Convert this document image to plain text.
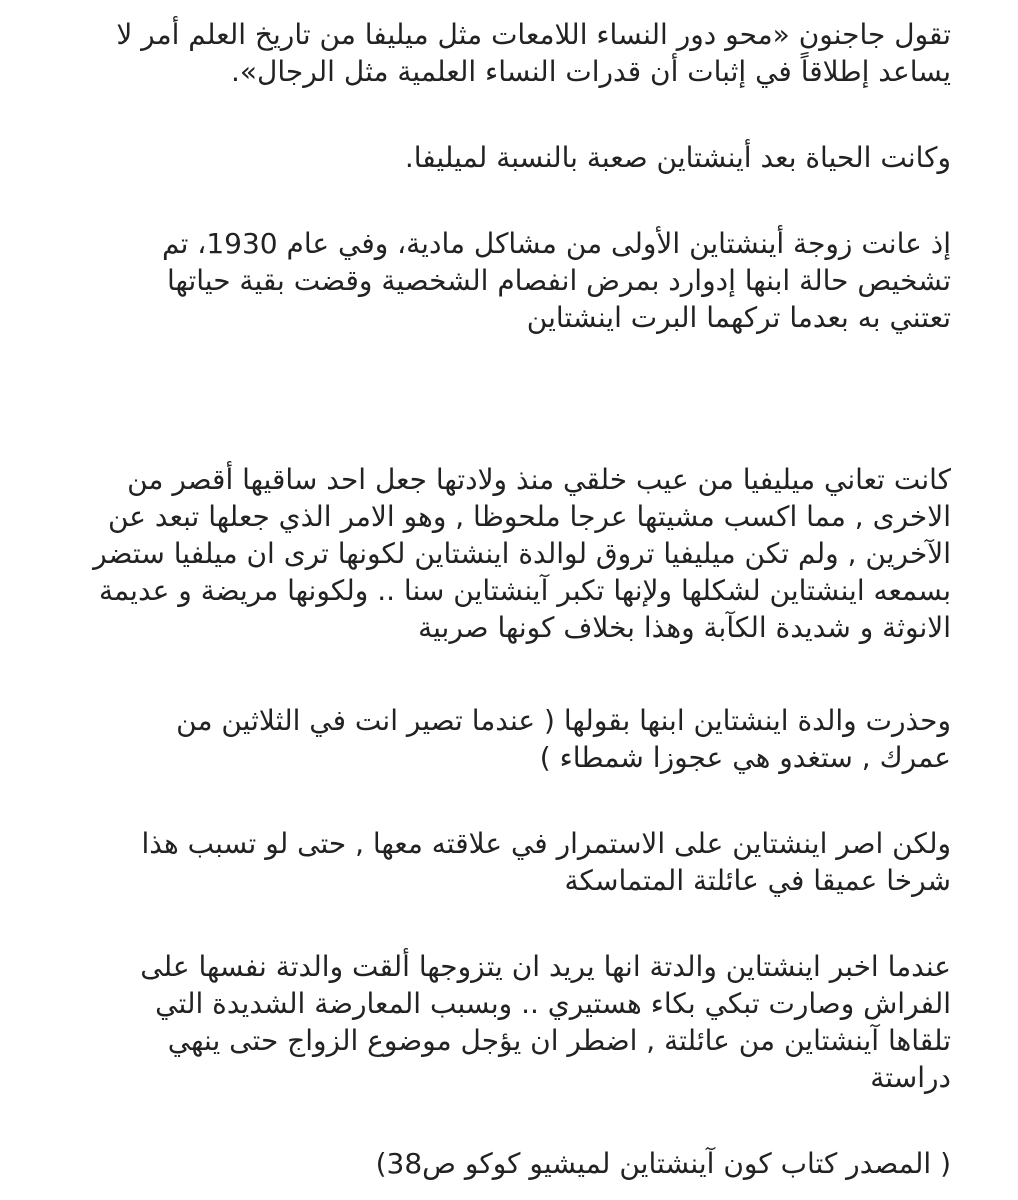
تقول جاجنون «محو دور النساء اللامعات مثل ميليفا من تاريخ العلم أمر لا
يساعد إطلاقاً في إثبات أن قدرات النساء العلمية مثل الرجال».

وكانت الحياة بعد أينشتاين صعبة بالنسبة لميليفا.

إذ عانت زوجة أينشتاين الأولى من مشاكل مادية، وفي عام 1930، تم
تشخيص حالة ابنها إدوارد بمرض انفصام الشخصية وقضت بقية حياتها
تعتني به بعدما تركهما البرت اينشتاين

كانت تعاني ميليفيا من عيب خلقي منذ ولادتها جعل احد ساقيها أقصر من
الاخرى , مما اكسب مشيتها عرجا ملحوظا , وهو الامر الذي جعلها تبعد عن
الآخرين , ولم تكن ميليفيا تروق لوالدة اينشتاين لكونها ترى ان ميلفيا ستضر
بسمعه اينشتاين لشكلها ولإنها تكبر آينشتاين سنا .. ولكونها مريضة و عديمة
الانوثة و شديدة الكآبة وهذا بخلاف كونها صربية

وحذرت والدة اينشتاين ابنها بقولها ( عندما تصير انت في الثلاثين من
عمرك , ستغدو هي عجوزا شمطاء )

ولكن اصر اينشتاين على الاستمرار في علاقته معها , حتى لو تسبب هذا
شرخا عميقا في عائلتة المتماسكة

عندما اخبر اينشتاين والدتة انها يريد ان يتزوجها ألقت والدتة نفسها على
الفراش وصارت تبكي بكاء هستيري .. وبسبب المعارضة الشديدة التي
تلقاها آينشتاين من عائلتة , اضطر ان يؤجل موضوع الزواج حتى ينهي
دراستة

( المصدر كتاب كون آينشتاين لميشيو كوكو ص38)
